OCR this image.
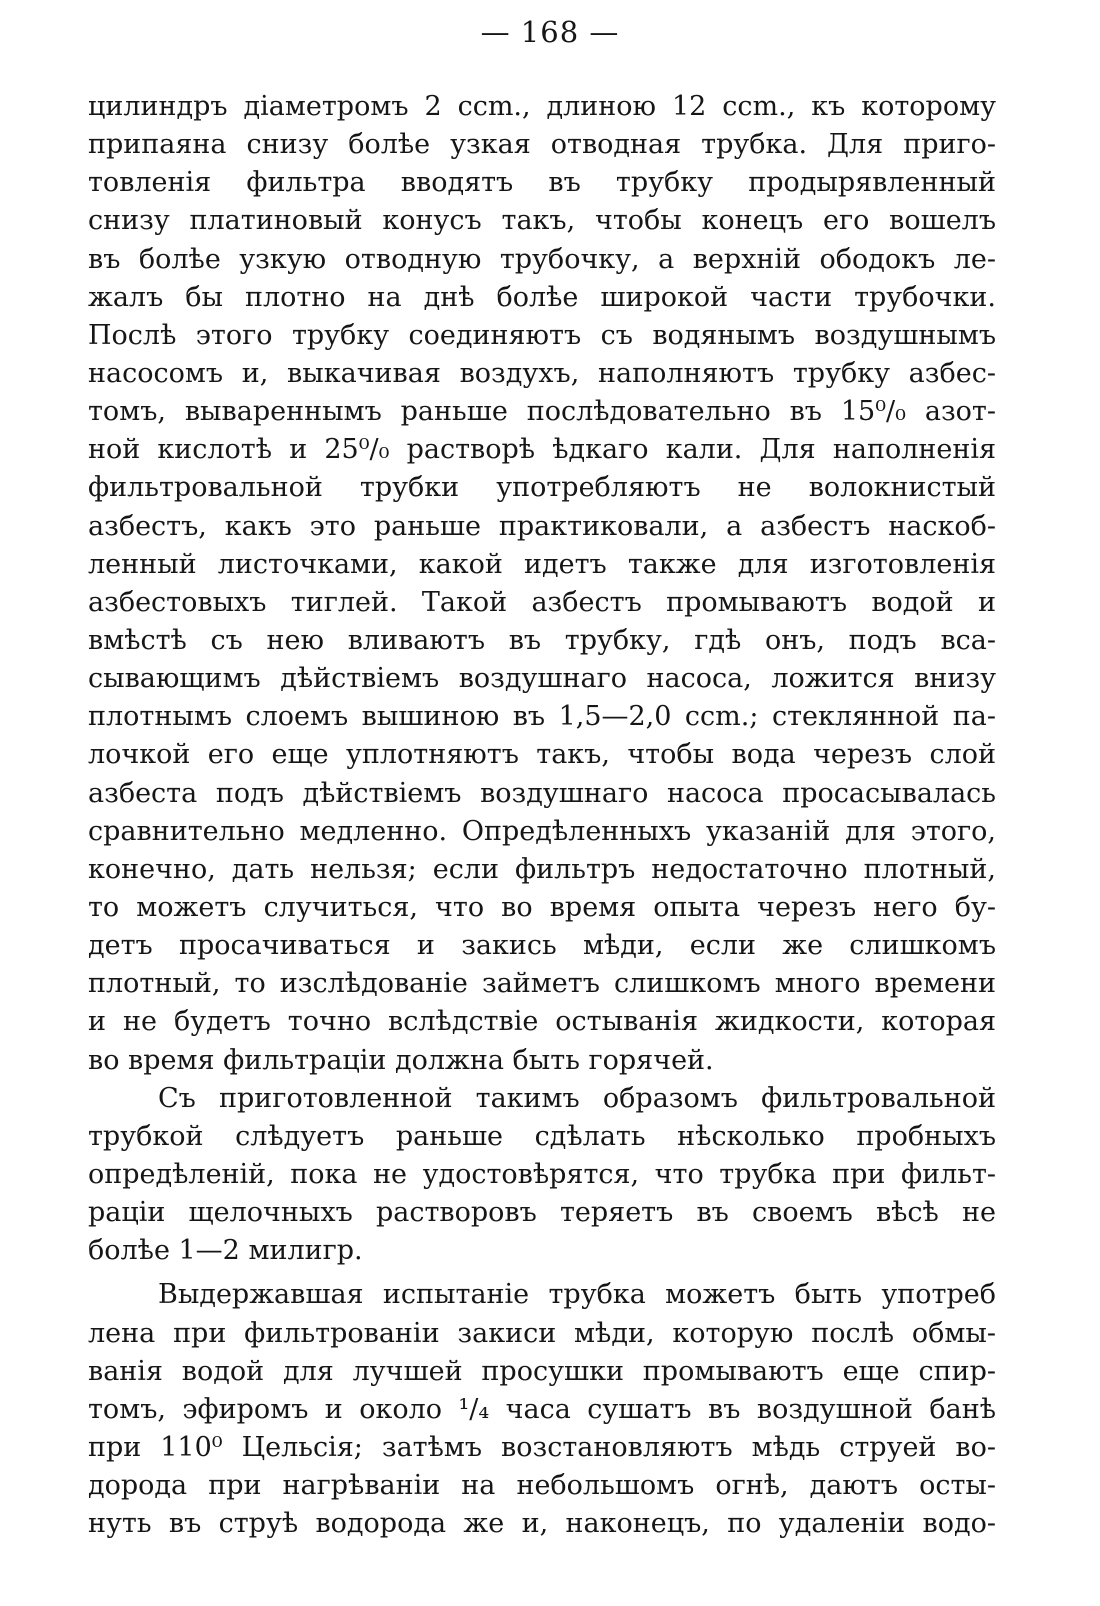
— 168 —
цилиндръ діаметромъ 2 ccm., длиною 12 ccm., къ которому
припаяна снизу болѣе узкая отводная трубка. Для приго-
товленія фильтра вводятъ въ трубку продырявленный
снизу платиновый конусъ такъ, чтобы конецъ его вошелъ
въ болѣе узкую отводную трубочку, а верхній ободокъ ле-
жалъ бы плотно на днѣ болѣе широкой части трубочки.
Послѣ этого трубку соединяютъ съ водянымъ воздушнымъ
насосомъ и, выкачивая воздухъ, наполняютъ трубку азбес-
томъ, вывареннымъ раньше послѣдовательно въ 15⁰/₀ азот-
ной кислотѣ и 25⁰/₀ растворѣ ѣдкаго кали. Для наполненія
фильтровальной трубки употребляютъ не волокнистый
азбестъ, какъ это раньше практиковали, а азбестъ наскоб-
ленный листочками, какой идетъ также для изготовленія
азбестовыхъ тиглей. Такой азбестъ промываютъ водой и
вмѣстѣ съ нею вливаютъ въ трубку, гдѣ онъ, подъ вса-
сывающимъ дѣйствіемъ воздушнаго насоса, ложится внизу
плотнымъ слоемъ вышиною въ 1,5—2,0 ccm.; стеклянной па-
лочкой его еще уплотняютъ такъ, чтобы вода черезъ слой
азбеста подъ дѣйствіемъ воздушнаго насоса просасывалась
сравнительно медленно. Опредѣленныхъ указаній для этого,
конечно, дать нельзя; если фильтръ недостаточно плотный,
то можетъ случиться, что во время опыта черезъ него бу-
детъ просачиваться и закись мѣди, если же слишкомъ
плотный, то изслѣдованіе займетъ слишкомъ много времени
и не будетъ точно вслѣдствіе остыванія жидкости, которая
во время фильтраціи должна быть горячей.
Съ приготовленной такимъ образомъ фильтровальной
трубкой слѣдуетъ раньше сдѣлать нѣсколько пробныхъ
опредѣленій, пока не удостовѣрятся, что трубка при фильт-
раціи щелочныхъ растворовъ теряетъ въ своемъ вѣсѣ не
болѣе 1—2 милигр.
Выдержавшая испытаніе трубка можетъ быть употреб
лена при фильтрованіи закиси мѣди, которую послѣ обмы-
ванія водой для лучшей просушки промываютъ еще спир-
томъ, эфиромъ и около ¹/₄ часа сушатъ въ воздушной банѣ
при 110⁰ Цельсія; затѣмъ возстановляютъ мѣдь струей во-
дорода при нагрѣваніи на небольшомъ огнѣ, даютъ осты-
нуть въ струѣ водорода же и, наконецъ, по удаленіи водо-
